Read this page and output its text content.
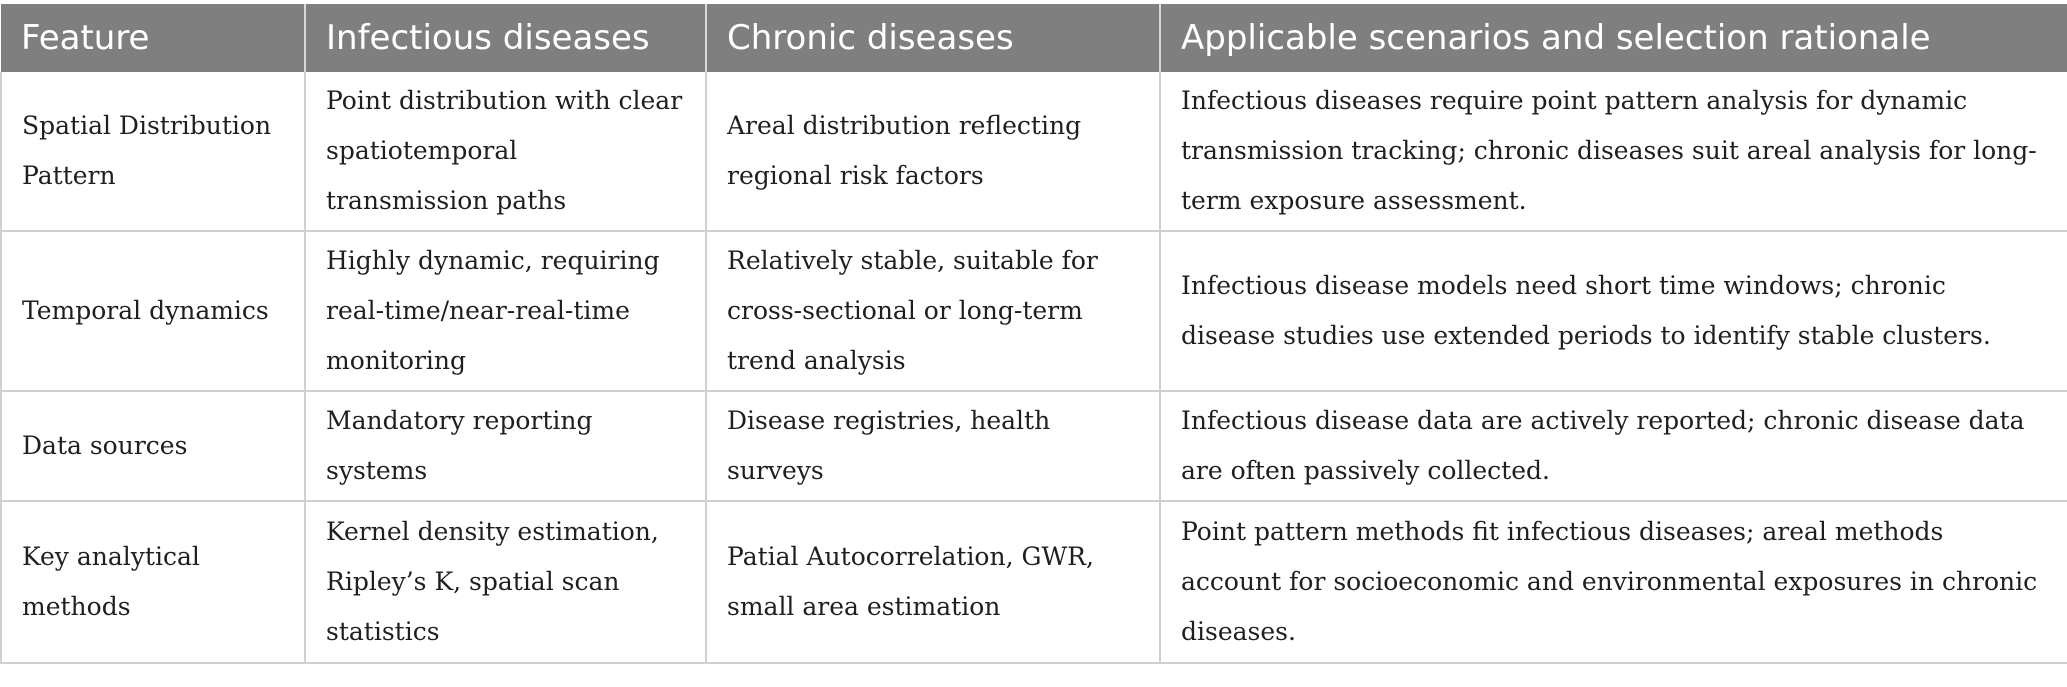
Feature	Infectious diseases	Chronic diseases	Applicable scenarios and selection rationale
Spatial Distribution Pattern	Point distribution with clear spatiotemporal transmission paths	Areal distribution reflecting regional risk factors	Infectious diseases require point pattern analysis for dynamic transmission tracking; chronic diseases suit areal analysis for long-term exposure assessment.
Temporal dynamics	Highly dynamic, requiring real-time/near-real-time monitoring	Relatively stable, suitable for cross-sectional or long-term trend analysis	Infectious disease models need short time windows; chronic disease studies use extended periods to identify stable clusters.
Data sources	Mandatory reporting systems	Disease registries, health surveys	Infectious disease data are actively reported; chronic disease data are often passively collected.
Key analytical methods	Kernel density estimation, Ripley’s K, spatial scan statistics	Patial Autocorrelation, GWR, small area estimation	Point pattern methods fit infectious diseases; areal methods account for socioeconomic and environmental exposures in chronic diseases.
